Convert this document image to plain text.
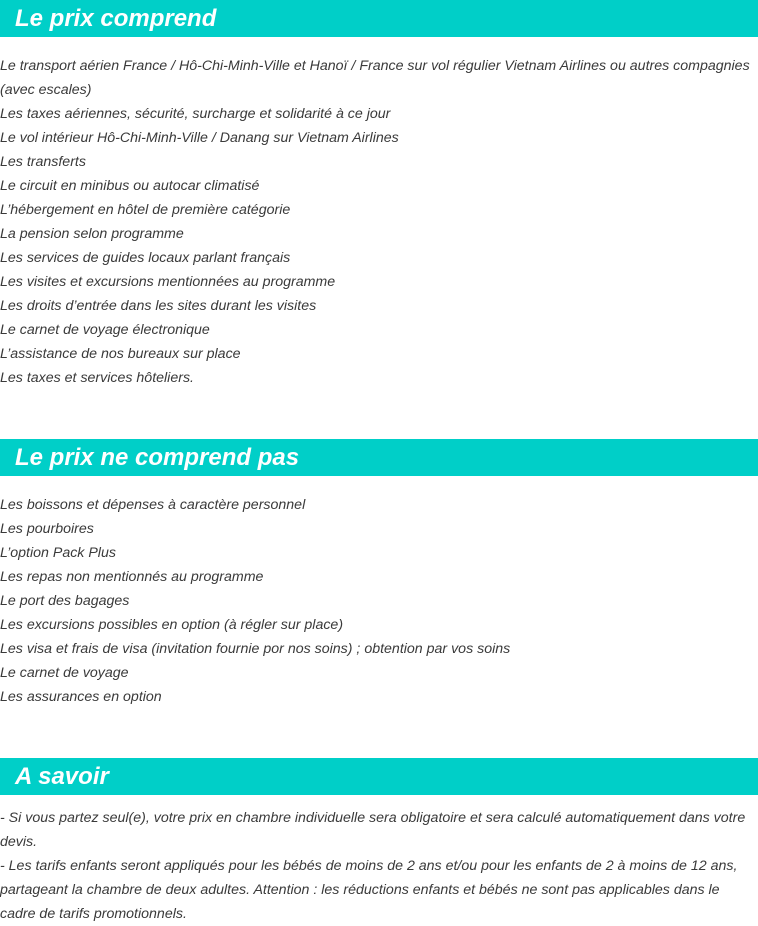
Le prix comprend
Le transport aérien France / Hô-Chi-Minh-Ville et Hanoï / France sur vol régulier Vietnam Airlines ou autres compagnies (avec escales)
Les taxes aériennes, sécurité, surcharge et solidarité à ce jour
Le vol intérieur Hô-Chi-Minh-Ville / Danang sur Vietnam Airlines
Les transferts
Le circuit en minibus ou autocar climatisé
L’hébergement en hôtel de première catégorie
La pension selon programme
Les services de guides locaux parlant français
Les visites et excursions mentionnées au programme
Les droits d’entrée dans les sites durant les visites
Le carnet de voyage électronique
L’assistance de nos bureaux sur place
Les taxes et services hôteliers.
Le prix ne comprend pas
Les boissons et dépenses à caractère personnel
Les pourboires
L’option Pack Plus
Les repas non mentionnés au programme
Le port des bagages
Les excursions possibles en option (à régler sur place)
Les visa et frais de visa (invitation fournie por nos soins) ; obtention par vos soins
Le carnet de voyage
Les assurances en option
A savoir

- Si vous partez seul(e), votre prix en chambre individuelle sera obligatoire et sera calculé automatiquement dans votre devis.

- Les tarifs enfants seront appliqués pour les bébés de moins de 2 ans et/ou pour les enfants de 2 à moins de 12 ans, partageant la chambre de deux adultes. Attention : les réductions enfants et bébés ne sont pas applicables dans le cadre de tarifs promotionnels.
